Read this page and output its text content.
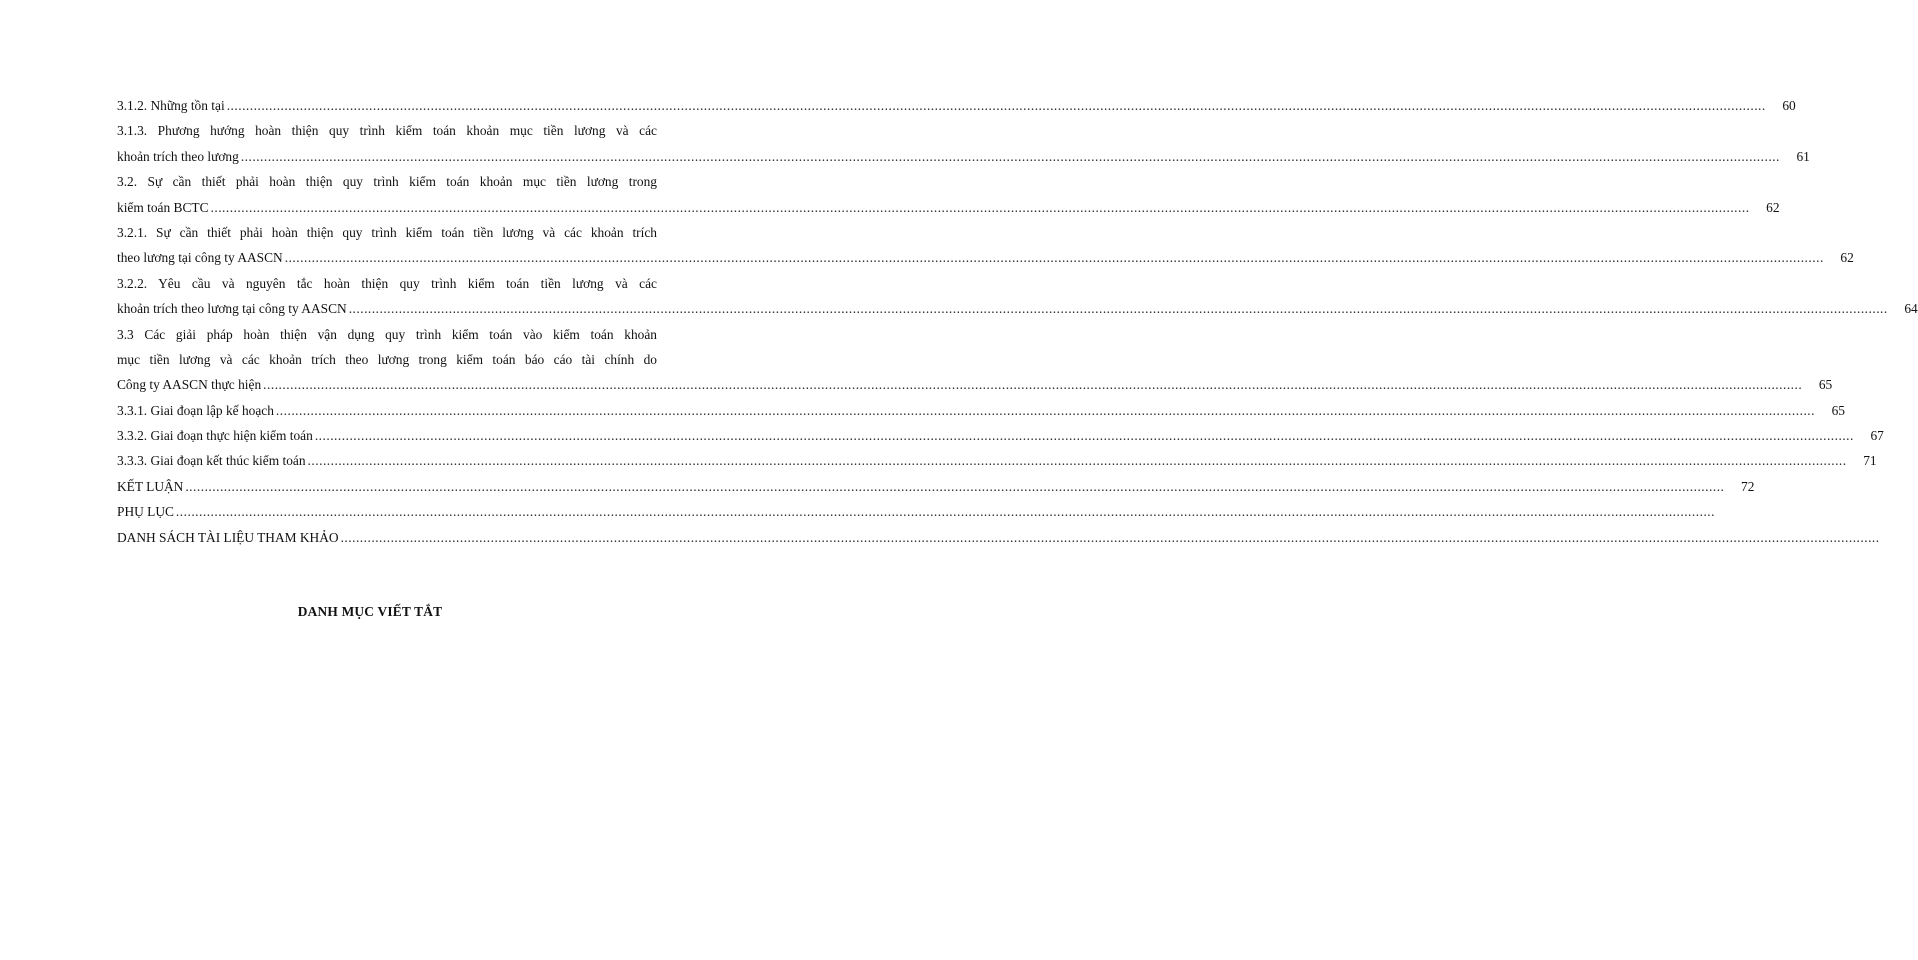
3.1.2. Những tồn tại ................................................................................................................................................................................................................................................................................................................................................................................................................	60
3.1.3. Phương hướng hoàn thiện quy trình kiểm toán khoản mục tiền lương và các
khoản trích theo lương ................................................................................................................................................................................................................................................................................................................................................................................................................	61
3.2. Sự cần thiết phải hoàn thiện quy trình kiểm toán khoản mục tiền lương trong
kiểm toán BCTC ................................................................................................................................................................................................................................................................................................................................................................................................................	62
3.2.1. Sự cần thiết phải hoàn thiện quy trình kiểm toán tiền lương và các khoản trích
theo lương tại công ty AASCN ................................................................................................................................................................................................................................................................................................................................................................................................................	62
3.2.2. Yêu cầu và nguyên tắc hoàn thiện quy trình kiểm toán tiền lương và các
khoản trích theo lương tại công ty AASCN ................................................................................................................................................................................................................................................................................................................................................................................................................	64
3.3 Các giải pháp hoàn thiện vận dụng quy trình kiểm toán vào kiểm toán khoản
mục tiền lương và các khoản trích theo lương trong kiểm toán báo cáo tài chính do
Công ty AASCN thực hiện ................................................................................................................................................................................................................................................................................................................................................................................................................	65
3.3.1. Giai đoạn lập kế hoạch ................................................................................................................................................................................................................................................................................................................................................................................................................	65
3.3.2. Giai đoạn thực hiện kiểm toán ................................................................................................................................................................................................................................................................................................................................................................................................................	67
3.3.3. Giai đoạn kết thúc kiểm toán ................................................................................................................................................................................................................................................................................................................................................................................................................	71
KẾT LUẬN ................................................................................................................................................................................................................................................................................................................................................................................................................	72
PHỤ LỤC ................................................................................................................................................................................................................................................................................................................................................................................................................
DANH SÁCH TÀI LIỆU THAM KHẢO ................................................................................................................................................................................................................................................................................................................................................................................................................
DANH MỤC VIẾT TẮT
